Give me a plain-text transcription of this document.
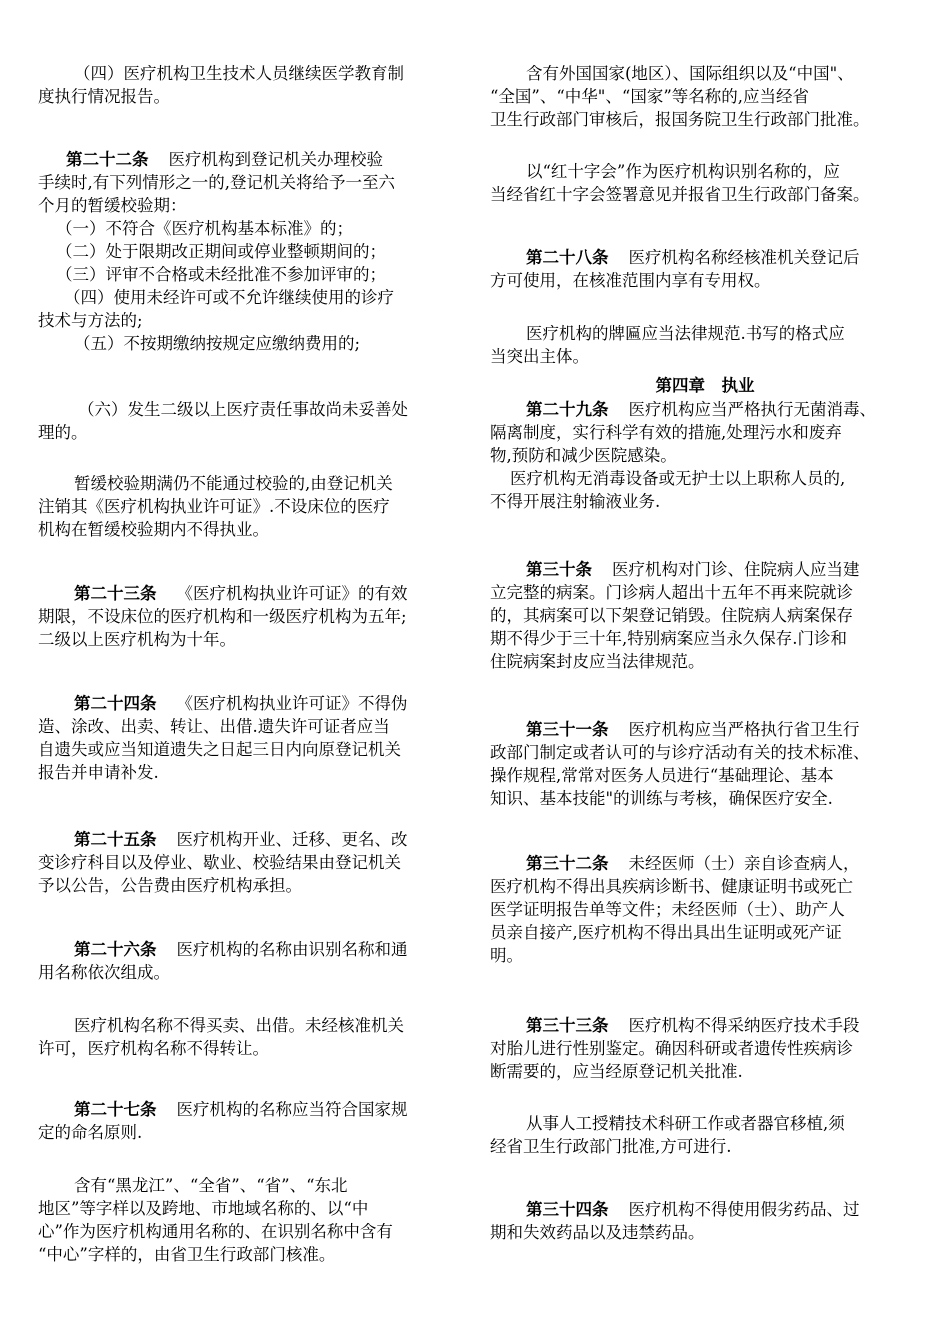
（四）医疗机构卫生技术人员继续医学教育制
度执行情况报告。
第二十二条 医疗机构到登记机关办理校验
手续时,有下列情形之一的,登记机关将给予一至六
个月的暂缓校验期：
（一）不符合《医疗机构基本标准》的；
（二）处于限期改正期间或停业整顿期间的；
（三）评审不合格或未经批准不参加评审的；
（四）使用未经许可或不允许继续使用的诊疗
技术与方法的;
（五）不按期缴纳按规定应缴纳费用的;
（六）发生二级以上医疗责任事故尚未妥善处
理的。
暂缓校验期满仍不能通过校验的,由登记机关
注销其《医疗机构执业许可证》.不设床位的医疗
机构在暂缓校验期内不得执业。
第二十三条 《医疗机构执业许可证》的有效
期限，不设床位的医疗机构和一级医疗机构为五年;
二级以上医疗机构为十年。
第二十四条 《医疗机构执业许可证》不得伪
造、涂改、出卖、转让、出借.遗失许可证者应当
自遗失或应当知道遗失之日起三日内向原登记机关
报告并申请补发.
第二十五条 医疗机构开业、迁移、更名、改
变诊疗科目以及停业、歇业、校验结果由登记机关
予以公告，公告费由医疗机构承担。
第二十六条 医疗机构的名称由识别名称和通
用名称依次组成。
医疗机构名称不得买卖、出借。未经核准机关
许可，医疗机构名称不得转让。
第二十七条 医疗机构的名称应当符合国家规
定的命名原则.
含有“黑龙江”、“全省”、“省”、“东北
地区”等字样以及跨地、市地域名称的、以“中
心”作为医疗机构通用名称的、在识别名称中含有
“中心”字样的，由省卫生行政部门核准。
含有外国国家(地区）、国际组织以及“中国"、
“全国”、“中华"、“国家”等名称的,应当经省
卫生行政部门审核后，报国务院卫生行政部门批准。
以“红十字会”作为医疗机构识别名称的，应
当经省红十字会签署意见并报省卫生行政部门备案。
第二十八条 医疗机构名称经核准机关登记后
方可使用，在核准范围内享有专用权。
医疗机构的牌匾应当法律规范.书写的格式应
当突出主体。
第四章　执业
第二十九条 医疗机构应当严格执行无菌消毒、
隔离制度，实行科学有效的措施,处理污水和废弃
物,预防和减少医院感染。
医疗机构无消毒设备或无护士以上职称人员的,
不得开展注射输液业务.
第三十条 医疗机构对门诊、住院病人应当建
立完整的病案。门诊病人超出十五年不再来院就诊
的，其病案可以下架登记销毁。住院病人病案保存
期不得少于三十年,特别病案应当永久保存.门诊和
住院病案封皮应当法律规范。
第三十一条 医疗机构应当严格执行省卫生行
政部门制定或者认可的与诊疗活动有关的技术标准、
操作规程,常常对医务人员进行“基础理论、基本
知识、基本技能"的训练与考核，确保医疗安全.
第三十二条 未经医师（士）亲自诊查病人，
医疗机构不得出具疾病诊断书、健康证明书或死亡
医学证明报告单等文件；未经医师（士）、助产人
员亲自接产,医疗机构不得出具出生证明或死产证
明。
第三十三条 医疗机构不得采纳医疗技术手段
对胎儿进行性别鉴定。确因科研或者遗传性疾病诊
断需要的，应当经原登记机关批准.
从事人工授精技术科研工作或者器官移植,须
经省卫生行政部门批准,方可进行.
第三十四条 医疗机构不得使用假劣药品、过
期和失效药品以及违禁药品。
